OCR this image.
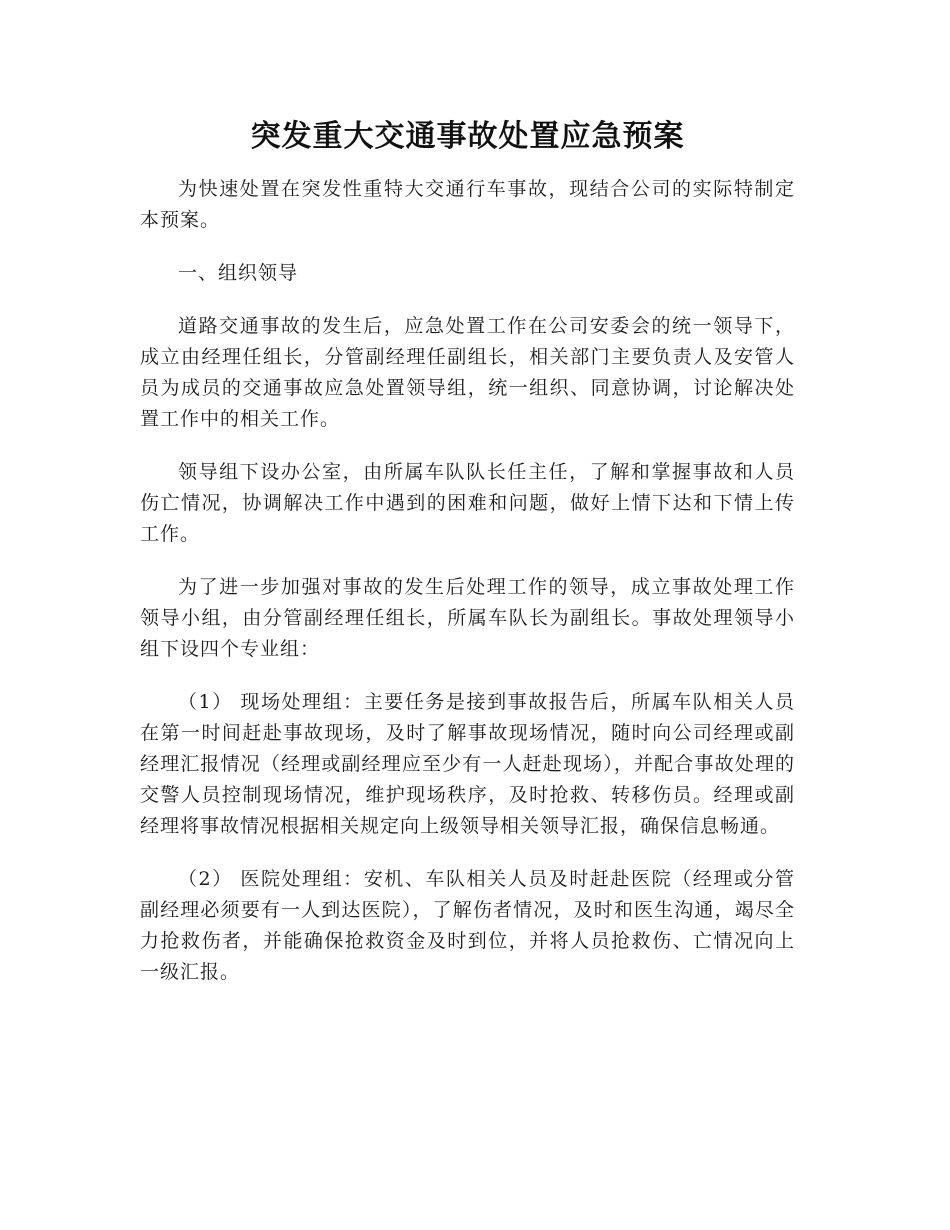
突发重大交通事故处置应急预案

为快速处置在突发性重特大交通行车事故，现结合公司的实际特制定本预案。

一、组织领导

道路交通事故的发生后，应急处置工作在公司安委会的统一领导下，成立由经理任组长，分管副经理任副组长，相关部门主要负责人及安管人员为成员的交通事故应急处置领导组，统一组织、同意协调，讨论解决处置工作中的相关工作。

领导组下设办公室，由所属车队队长任主任，了解和掌握事故和人员伤亡情况，协调解决工作中遇到的困难和问题，做好上情下达和下情上传工作。

为了进一步加强对事故的发生后处理工作的领导，成立事故处理工作领导小组，由分管副经理任组长，所属车队长为副组长。事故处理领导小组下设四个专业组：

（1） 现场处理组：主要任务是接到事故报告后，所属车队相关人员在第一时间赶赴事故现场，及时了解事故现场情况，随时向公司经理或副经理汇报情况（经理或副经理应至少有一人赶赴现场），并配合事故处理的交警人员控制现场情况，维护现场秩序，及时抢救、转移伤员。经理或副经理将事故情况根据相关规定向上级领导相关领导汇报，确保信息畅通。

（2） 医院处理组：安机、车队相关人员及时赶赴医院（经理或分管副经理必须要有一人到达医院），了解伤者情况，及时和医生沟通，竭尽全力抢救伤者，并能确保抢救资金及时到位，并将人员抢救伤、亡情况向上一级汇报。
